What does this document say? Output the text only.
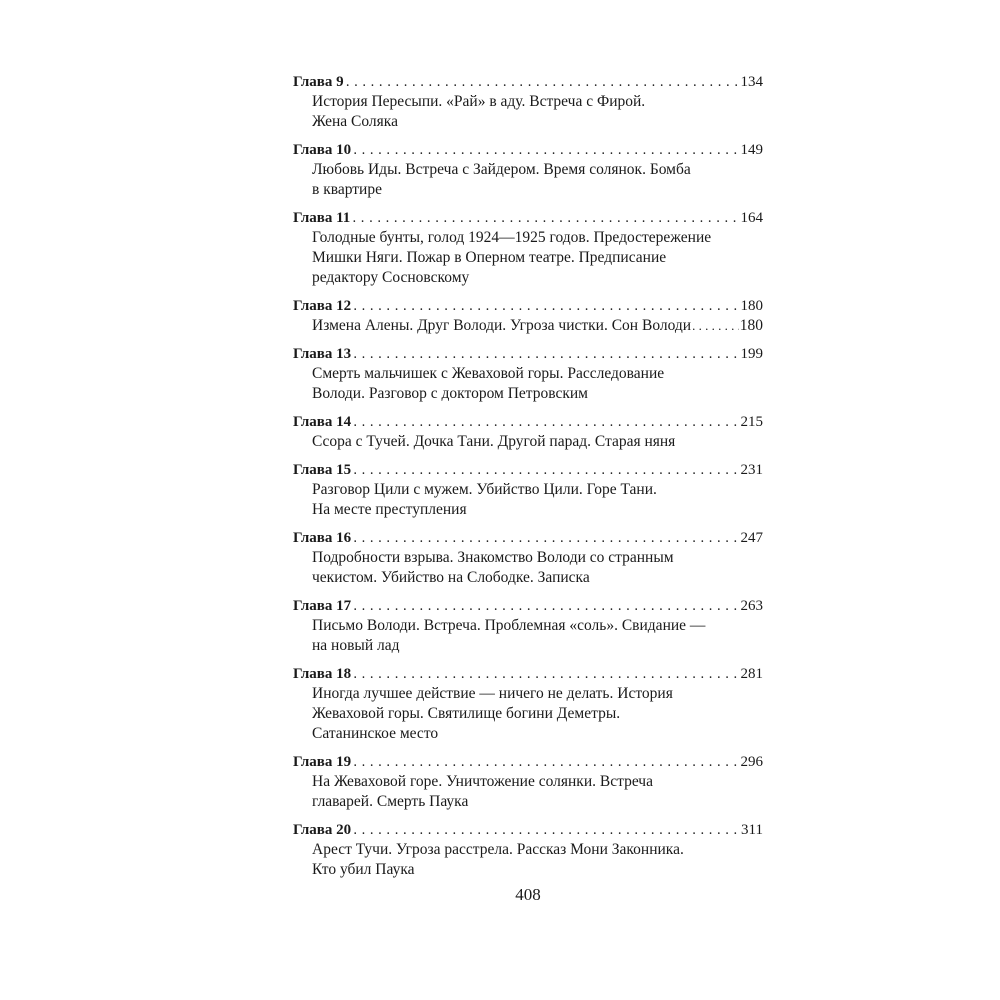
Глава 9 . . .	134
История Пересыпи. «Рай» в аду. Встреча с Фирой.
Жена Соляка
Глава 10 . . .	149
Любовь Иды. Встреча с Зайдером. Время солянок. Бомба
в квартире
Глава 11 . . .	164
Голодные бунты, голод 1924—1925 годов. Предостережение
Мишки Няги. Пожар в Оперном театре. Предписание
редактору Сосновскому
Глава 12 . . .	180
Измена Алены. Друг Володи. Угроза чистки. Сон Володи . . .	180
Глава 13 . . .	199
Смерть мальчишек с Жеваховой горы. Расследование
Володи. Разговор с доктором Петровским
Глава 14 . . .	215
Ссора с Тучей. Дочка Тани. Другой парад. Старая няня
Глава 15 . . .	231
Разговор Цили с мужем. Убийство Цили. Горе Тани.
На месте преступления
Глава 16 . . .	247
Подробности взрыва. Знакомство Володи со странным
чекистом. Убийство на Слободке. Записка
Глава 17 . . .	263
Письмо Володи. Встреча. Проблемная «соль». Свидание —
на новый лад
Глава 18 . . .	281
Иногда лучшее действие — ничего не делать. История
Жеваховой горы. Святилище богини Деметры.
Сатанинское место
Глава 19 . . .	296
На Жеваховой горе. Уничтожение солянки. Встреча
главарей. Смерть Паука
Глава 20 . . .	311
Арест Тучи. Угроза расстрела. Рассказ Мони Законника.
Кто убил Паука
408
